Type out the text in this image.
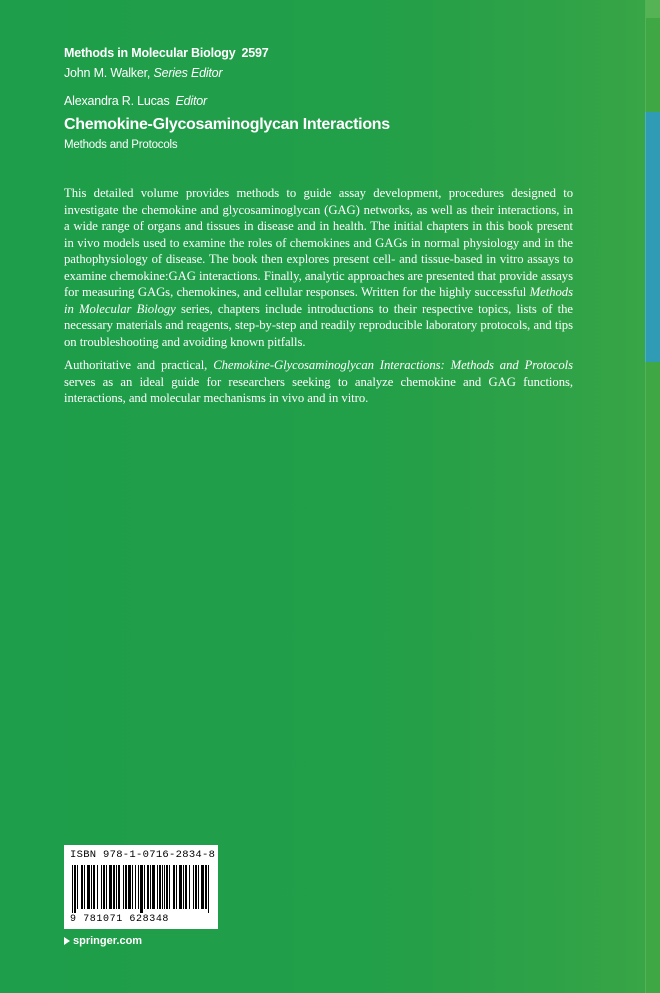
Methods in Molecular Biology 2597
John M. Walker, Series Editor
Alexandra R. Lucas Editor
Chemokine-Glycosaminoglycan Interactions
Methods and Protocols

This detailed volume provides methods to guide assay development, procedures designed to investigate the chemokine and glycosaminoglycan (GAG) networks, as well as their interactions, in a wide range of organs and tissues in disease and in health. The initial chapters in this book present in vivo models used to examine the roles of chemokines and GAGs in normal physiology and in the pathophysiology of disease. The book then explores present cell- and tissue-based in vitro assays to examine chemokine:GAG interactions. Finally, analytic approaches are presented that provide assays for measuring GAGs, chemokines, and cellular responses. Written for the highly successful Methods in Molecular Biology series, chapters include introductions to their respective topics, lists of the necessary materials and reagents, step-by-step and readily reproducible laboratory protocols, and tips on troubleshooting and avoiding known pitfalls.

Authoritative and practical, Chemokine-Glycosaminoglycan Interactions: Methods and Protocols serves as an ideal guide for researchers seeking to analyze chemokine and GAG functions, interactions, and molecular mechanisms in vivo and in vitro.

ISBN 978-1-0716-2834-8
9 781071 628348
springer.com
